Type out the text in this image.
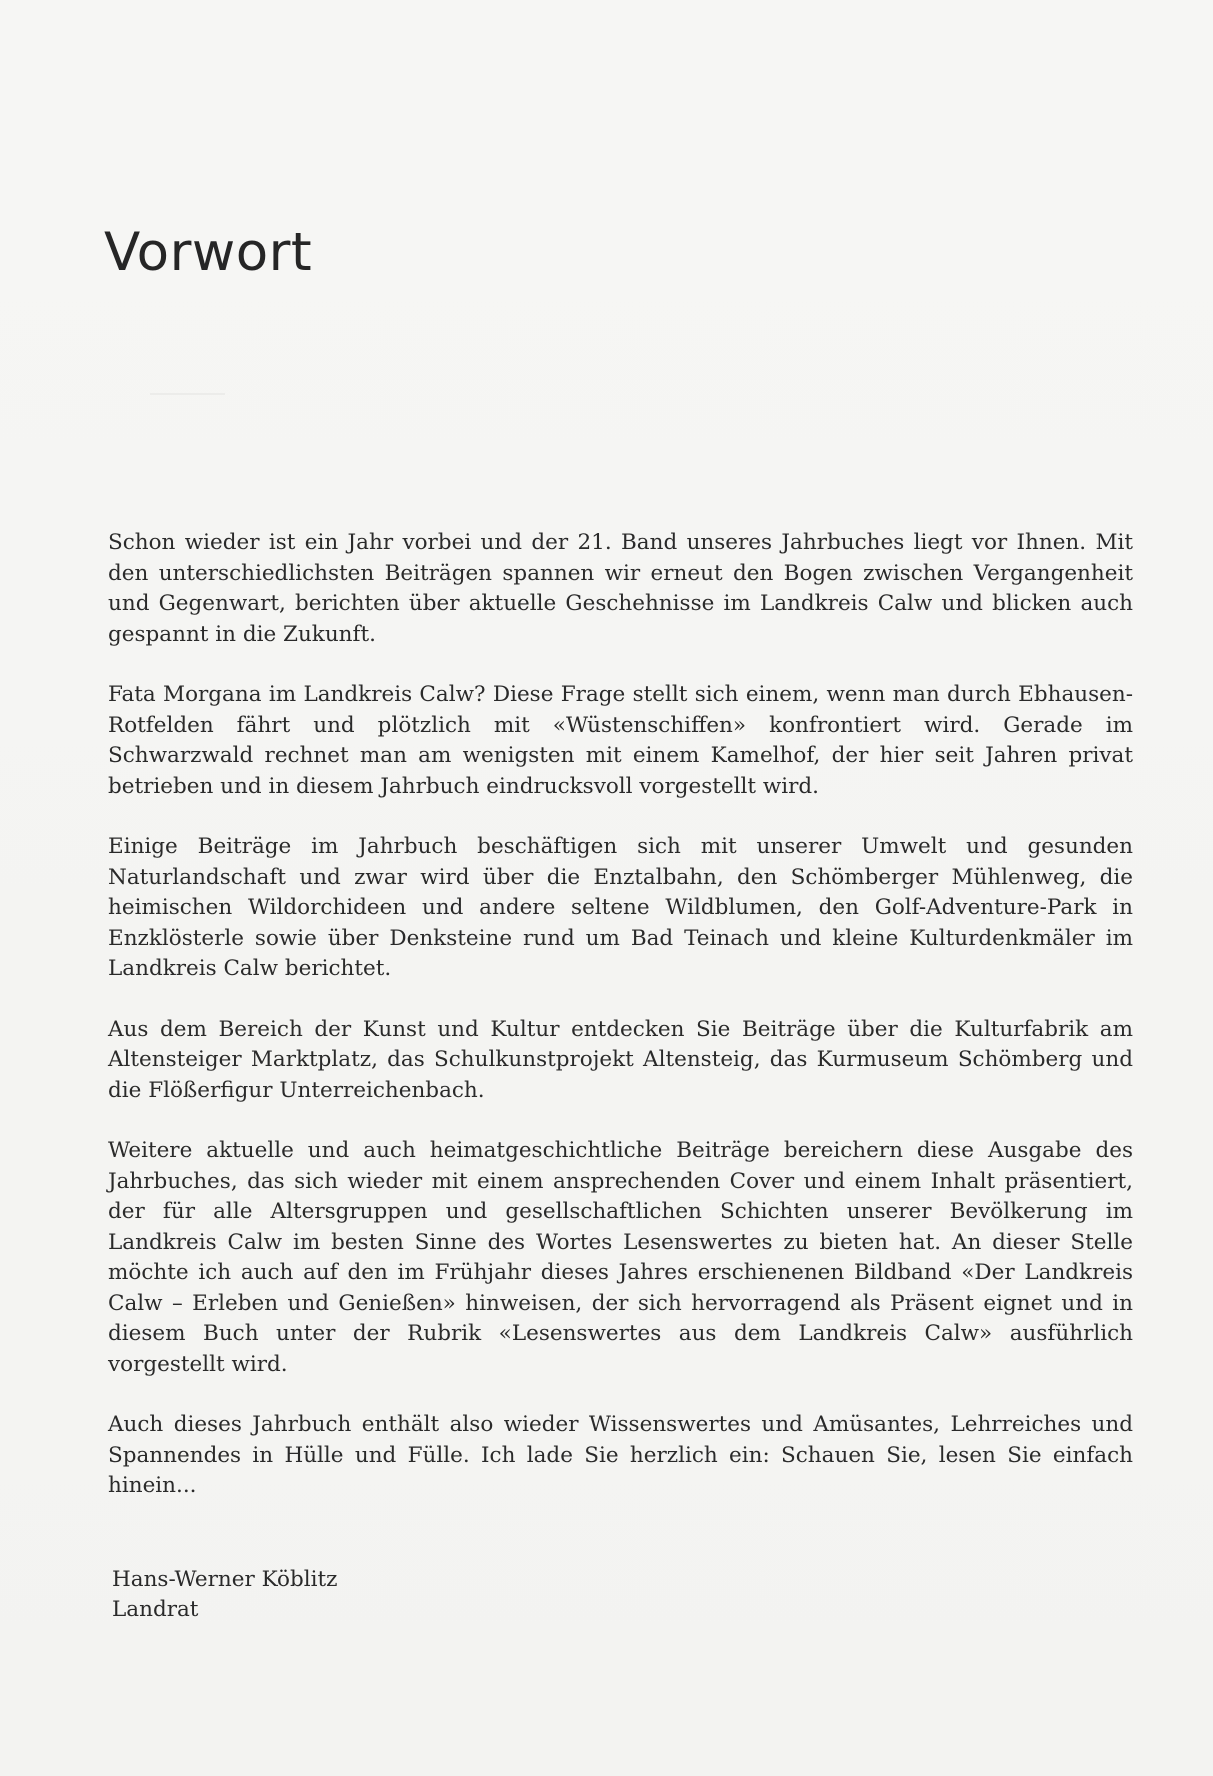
Vorwort

Schon wieder ist ein Jahr vorbei und der 21. Band unseres Jahrbuches liegt vor Ihnen. Mit den unterschiedlichsten Beiträgen spannen wir erneut den Bogen zwischen Vergangenheit und Gegenwart, berichten über aktuelle Geschehnisse im Landkreis Calw und blicken auch gespannt in die Zukunft.

Fata Morgana im Landkreis Calw? Diese Frage stellt sich einem, wenn man durch Ebhausen-Rotfelden fährt und plötzlich mit «Wüstenschiffen» konfrontiert wird. Gerade im Schwarzwald rechnet man am wenigsten mit einem Kamelhof, der hier seit Jahren privat betrieben und in diesem Jahrbuch eindrucksvoll vorgestellt wird.

Einige Beiträge im Jahrbuch beschäftigen sich mit unserer Umwelt und gesunden Naturlandschaft und zwar wird über die Enztalbahn, den Schömberger Mühlenweg, die heimischen Wildorchideen und andere seltene Wildblumen, den Golf-Adventure-Park in Enzklösterle sowie über Denksteine rund um Bad Teinach und kleine Kulturdenkmäler im Landkreis Calw berichtet.

Aus dem Bereich der Kunst und Kultur entdecken Sie Beiträge über die Kulturfabrik am Altensteiger Marktplatz, das Schulkunstprojekt Altensteig, das Kurmuseum Schömberg und die Flößerfigur Unterreichenbach.

Weitere aktuelle und auch heimatgeschichtliche Beiträge bereichern diese Ausgabe des Jahrbuches, das sich wieder mit einem ansprechenden Cover und einem Inhalt präsentiert, der für alle Altersgruppen und gesellschaftlichen Schichten unserer Bevölkerung im Landkreis Calw im besten Sinne des Wortes Lesenswertes zu bieten hat. An dieser Stelle möchte ich auch auf den im Frühjahr dieses Jahres erschienenen Bildband «Der Landkreis Calw – Erleben und Genießen» hinweisen, der sich hervorragend als Präsent eignet und in diesem Buch unter der Rubrik «Lesenswertes aus dem Landkreis Calw» ausführlich vorgestellt wird.

Auch dieses Jahrbuch enthält also wieder Wissenswertes und Amüsantes, Lehrreiches und Spannendes in Hülle und Fülle. Ich lade Sie herzlich ein: Schauen Sie, lesen Sie einfach hinein...

Hans-Werner Köblitz
Landrat
